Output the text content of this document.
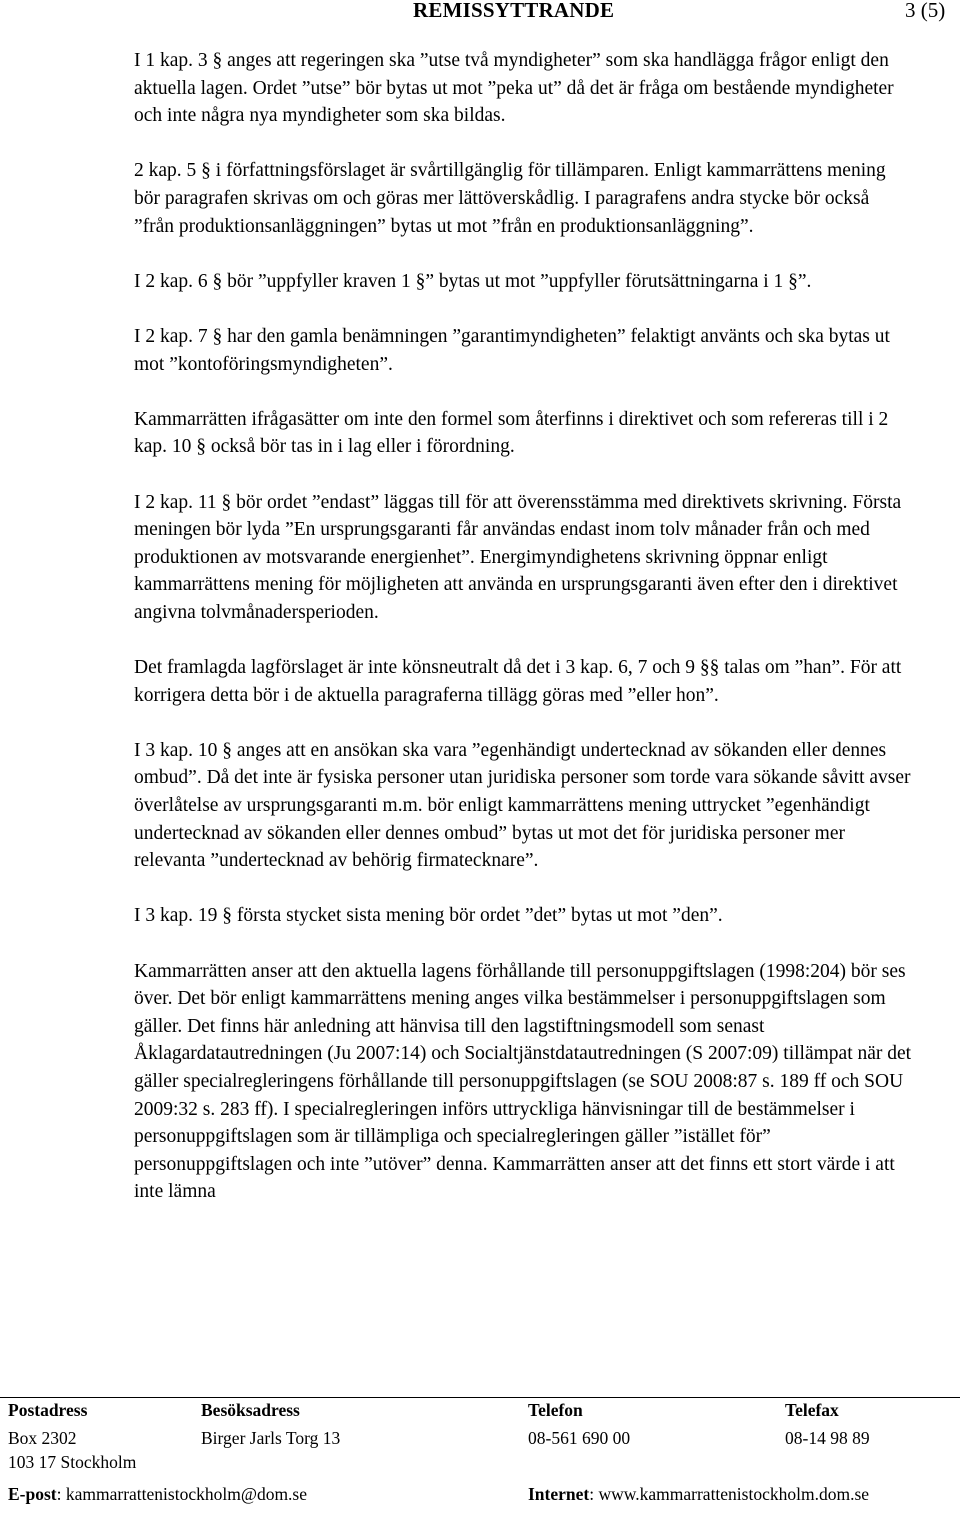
REMISSYTTRANDE	3 (5)

I 1 kap. 3 § anges att regeringen ska ”utse två myndigheter” som ska handlägga frågor enligt den aktuella lagen. Ordet ”utse” bör bytas ut mot ”peka ut” då det är fråga om bestående myndigheter och inte några nya myndigheter som ska bildas.

2 kap. 5 § i författningsförslaget är svårtillgänglig för tillämparen. Enligt kammarrättens mening bör paragrafen skrivas om och göras mer lättöverskådlig. I paragrafens andra stycke bör också ”från produktionsanläggningen” bytas ut mot ”från en produktionsanläggning”.

I 2 kap. 6 § bör ”uppfyller kraven 1 §” bytas ut mot ”uppfyller förutsättningarna i 1 §”.

I 2 kap. 7 § har den gamla benämningen ”garantimyndigheten” felaktigt använts och ska bytas ut mot ”kontoföringsmyndigheten”.

Kammarrätten ifrågasätter om inte den formel som återfinns i direktivet och som refereras till i 2 kap. 10 § också bör tas in i lag eller i förordning.

I 2 kap. 11 § bör ordet ”endast” läggas till för att överensstämma med direktivets skrivning. Första meningen bör lyda ”En ursprungsgaranti får användas endast inom tolv månader från och med produktionen av motsvarande energienhet”. Energimyndighetens skrivning öppnar enligt kammarrättens mening för möjligheten att använda en ursprungsgaranti även efter den i direktivet angivna tolvmånadersperioden.

Det framlagda lagförslaget är inte könsneutralt då det i 3 kap. 6, 7 och 9 §§ talas om ”han”. För att korrigera detta bör i de aktuella paragraferna tillägg göras med ”eller hon”.

I 3 kap. 10 § anges att en ansökan ska vara ”egenhändigt undertecknad av sökanden eller dennes ombud”. Då det inte är fysiska personer utan juridiska personer som torde vara sökande såvitt avser överlåtelse av ursprungsgaranti m.m. bör enligt kammarrättens mening uttrycket ”egenhändigt undertecknad av sökanden eller dennes ombud” bytas ut mot det för juridiska personer mer relevanta ”undertecknad av behörig firmatecknare”.

I 3 kap. 19 § första stycket sista mening bör ordet ”det” bytas ut mot ”den”.

Kammarrätten anser att den aktuella lagens förhållande till personuppgiftslagen (1998:204) bör ses över. Det bör enligt kammarrättens mening anges vilka bestämmelser i personuppgiftslagen som gäller. Det finns här anledning att hänvisa till den lagstiftningsmodell som senast Åklagardatautredningen (Ju 2007:14) och Socialtjänstdatautredningen (S 2007:09) tillämpat när det gäller specialregleringens förhållande till personuppgiftslagen (se SOU 2008:87 s. 189 ff och SOU 2009:32 s. 283 ff). I specialregleringen införs uttryckliga hänvisningar till de bestämmelser i personuppgiftslagen som är tillämpliga och specialregleringen gäller ”istället för” personuppgiftslagen och inte ”utöver” denna. Kammarrätten anser att det finns ett stort värde i att inte lämna

Postadress	Besöksadress	Telefon	Telefax
Box 2302	Birger Jarls Torg 13	08-561 690 00	08-14 98 89
103 17 Stockholm
E-post: kammarrattenistockholm@dom.se	Internet: www.kammarrattenistockholm.dom.se
